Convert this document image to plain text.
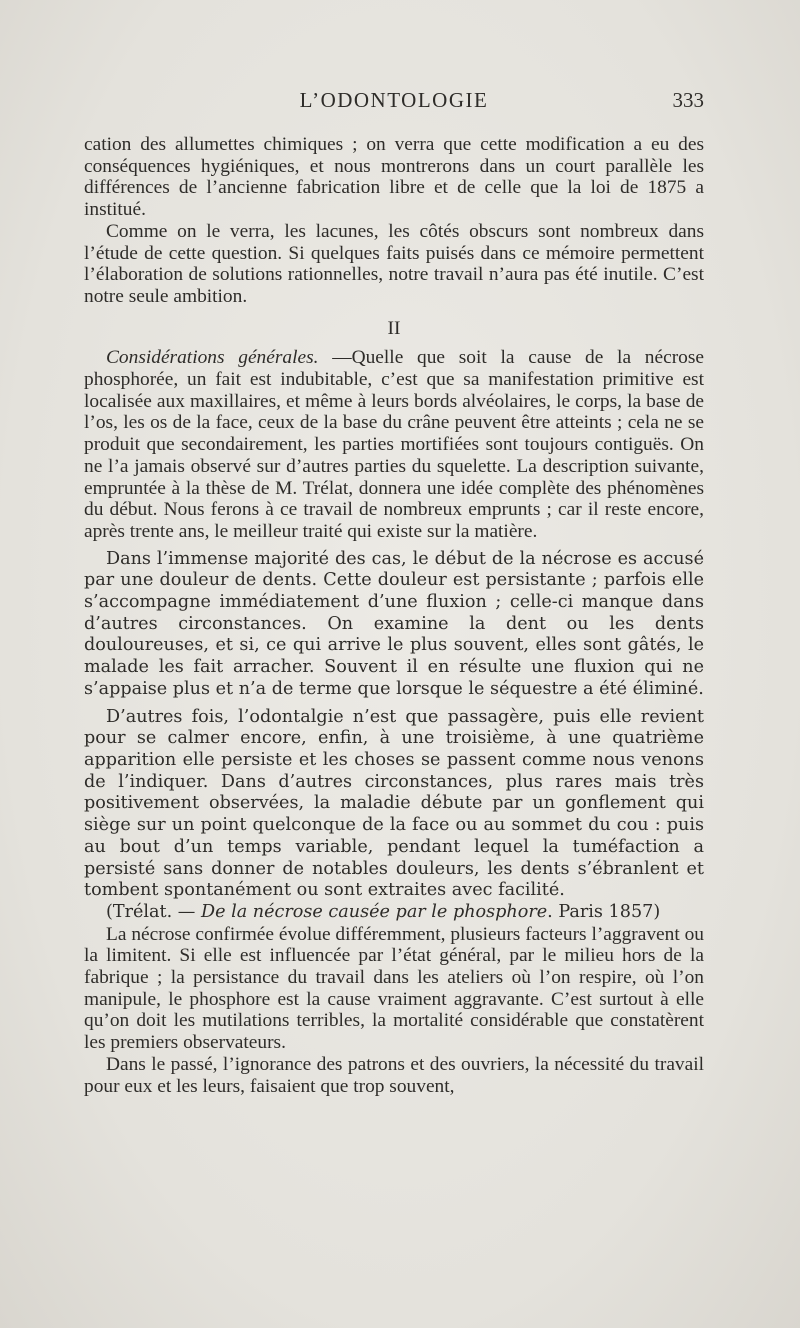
L’ODONTOLOGIE	333

cation des allumettes chimiques ; on verra que cette modification a eu des conséquences hygiéniques, et nous montrerons dans un court parallèle les différences de l’ancienne fabrication libre et de celle que la loi de 1875 a institué.

Comme on le verra, les lacunes, les côtés obscurs sont nombreux dans l’étude de cette question. Si quelques faits puisés dans ce mémoire permettent l’élaboration de solutions rationnelles, notre travail n’aura pas été inutile. C’est notre seule ambition.

II

Considérations générales. —Quelle que soit la cause de la nécrose phosphorée, un fait est indubitable, c’est que sa manifestation primitive est localisée aux maxillaires, et même à leurs bords alvéolaires, le corps, la base de l’os, les os de la face, ceux de la base du crâne peuvent être atteints ; cela ne se produit que secondairement, les parties mortifiées sont toujours contiguës. On ne l’a jamais observé sur d’autres parties du squelette. La description suivante, empruntée à la thèse de M. Trélat, donnera une idée complète des phénomènes du début. Nous ferons à ce travail de nombreux emprunts ; car il reste encore, après trente ans, le meilleur traité qui existe sur la matière.

Dans l’immense majorité des cas, le début de la nécrose es accusé par une douleur de dents. Cette douleur est persistante ; parfois elle s’accompagne immédiatement d’une fluxion ; celle-ci manque dans d’autres circonstances. On examine la dent ou les dents douloureuses, et si, ce qui arrive le plus souvent, elles sont gâtés, le malade les fait arracher. Souvent il en résulte une fluxion qui ne s’appaise plus et n’a de terme que lorsque le séquestre a été éliminé.

D’autres fois, l’odontalgie n’est que passagère, puis elle revient pour se calmer encore, enfin, à une troisième, à une quatrième apparition elle persiste et les choses se passent comme nous venons de l’indiquer. Dans d’autres circonstances, plus rares mais très positivement observées, la maladie débute par un gonflement qui siège sur un point quelconque de la face ou au sommet du cou : puis au bout d’un temps variable, pendant lequel la tuméfaction a persisté sans donner de notables douleurs, les dents s’ébranlent et tombent spontanément ou sont extraites avec facilité.

(Trélat. — De la nécrose causée par le phosphore. Paris 1857)

La nécrose confirmée évolue différemment, plusieurs facteurs l’aggravent ou la limitent. Si elle est influencée par l’état général, par le milieu hors de la fabrique ; la persistance du travail dans les ateliers où l’on respire, où l’on manipule, le phosphore est la cause vraiment aggravante. C’est surtout à elle qu’on doit les mutilations terribles, la mortalité considérable que constatèrent les premiers observateurs.

Dans le passé, l’ignorance des patrons et des ouvriers, la nécessité du travail pour eux et les leurs, faisaient que trop souvent,
